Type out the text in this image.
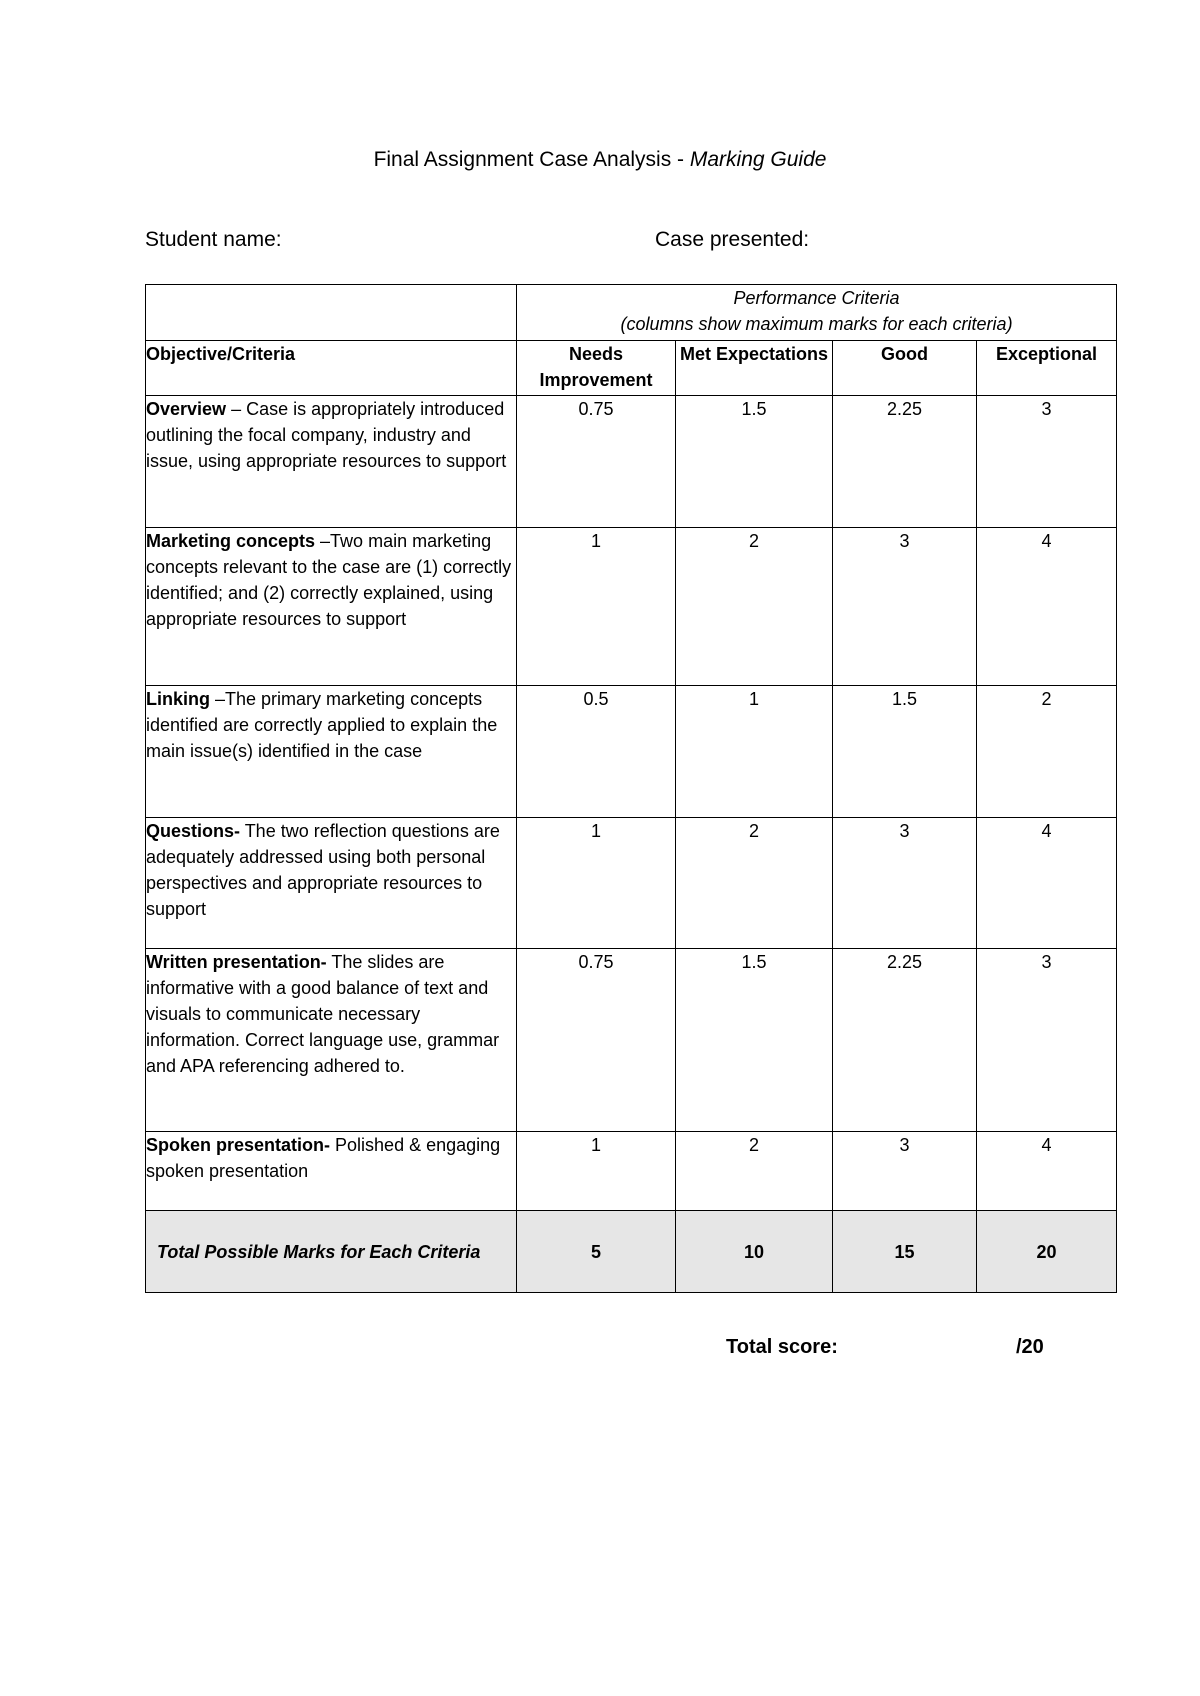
Final Assignment Case Analysis - Marking Guide
Student name:	Case presented:

	Performance Criteria
(columns show maximum marks for each criteria)			

Objective/Criteria	Needs Improvement	Met Expectations	Good	Exceptional
Overview – Case is appropriately introduced outlining the focal company, industry and issue, using appropriate resources to support	0.75	1.5	2.25	3
Marketing concepts –Two main marketing concepts relevant to the case are (1) correctly identified; and (2) correctly explained, using appropriate resources to support	1	2	3	4
Linking –The primary marketing concepts identified are correctly applied to explain the main issue(s) identified in the case	0.5	1	1.5	2
Questions- The two reflection questions are adequately addressed using both personal perspectives and appropriate resources to support	1	2	3	4
Written presentation- The slides are informative with a good balance of text and visuals to communicate necessary information. Correct language use, grammar and APA referencing adhered to.	0.75	1.5	2.25	3
Spoken presentation- Polished & engaging spoken presentation	1	2	3	4
Total Possible Marks for Each Criteria	5	10	15	20
Total score:	/20
